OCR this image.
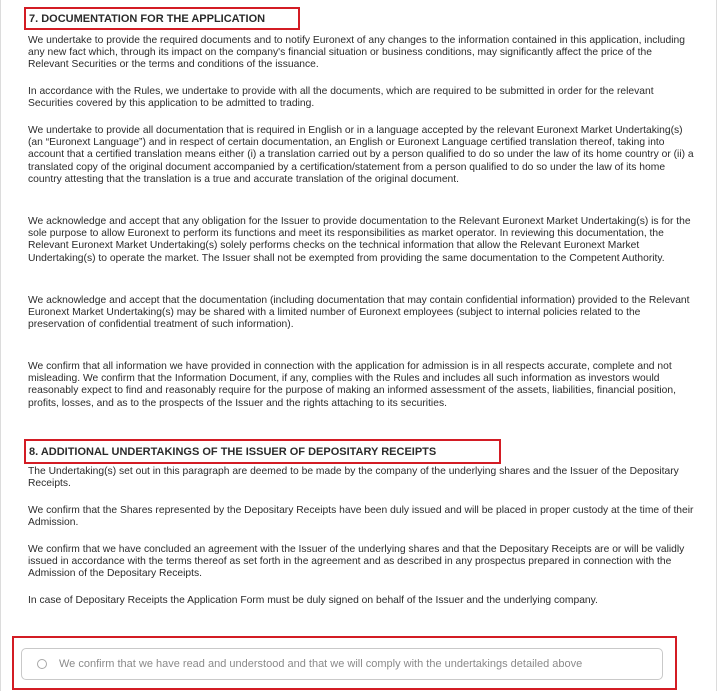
7. DOCUMENTATION FOR THE APPLICATION

We undertake to provide the required documents and to notify Euronext of any changes to the information contained in this application, including any new fact which, through its impact on the company's financial situation or business conditions, may significantly affect the price of the Relevant Securities or the terms and conditions of the issuance.

In accordance with the Rules, we undertake to provide with all the documents, which are required to be submitted in order for the relevant Securities covered by this application to be admitted to trading.

We undertake to provide all documentation that is required in English or in a language accepted by the relevant Euronext Market Undertaking(s) (an “Euronext Language”) and in respect of certain documentation, an English or Euronext Language certified translation thereof, taking into account that a certified translation means either (i) a translation carried out by a person qualified to do so under the law of its home country or (ii) a translated copy of the original document accompanied by a certification/statement from a person qualified to do so under the law of its home country attesting that the translation is a true and accurate translation of the original document.

We acknowledge and accept that any obligation for the Issuer to provide documentation to the Relevant Euronext Market Undertaking(s) is for the sole purpose to allow Euronext to perform its functions and meet its responsibilities as market operator. In reviewing this documentation, the Relevant Euronext Market Undertaking(s) solely performs checks on the technical information that allow the Relevant Euronext Market Undertaking(s) to operate the market. The Issuer shall not be exempted from providing the same documentation to the Competent Authority.

We acknowledge and accept that the documentation (including documentation that may contain confidential information) provided to the Relevant Euronext Market Undertaking(s) may be shared with a limited number of Euronext employees (subject to internal policies related to the preservation of confidential treatment of such information).

We confirm that all information we have provided in connection with the application for admission is in all respects accurate, complete and not misleading. We confirm that the Information Document, if any, complies with the Rules and includes all such information as investors would reasonably expect to find and reasonably require for the purpose of making an informed assessment of the assets, liabilities, financial position, profits, losses, and as to the prospects of the Issuer and the rights attaching to its securities.

8. ADDITIONAL UNDERTAKINGS OF THE ISSUER OF DEPOSITARY RECEIPTS

The Undertaking(s) set out in this paragraph are deemed to be made by the company of the underlying shares and the Issuer of the Depositary Receipts.

We confirm that the Shares represented by the Depositary Receipts have been duly issued and will be placed in proper custody at the time of their Admission.

We confirm that we have concluded an agreement with the Issuer of the underlying shares and that the Depositary Receipts are or will be validly issued in accordance with the terms thereof as set forth in the agreement and as described in any prospectus prepared in connection with the Admission of the Depositary Receipts.

In case of Depositary Receipts the Application Form must be duly signed on behalf of the Issuer and the underlying company.

We confirm that we have read and understood and that we will comply with the undertakings detailed above
